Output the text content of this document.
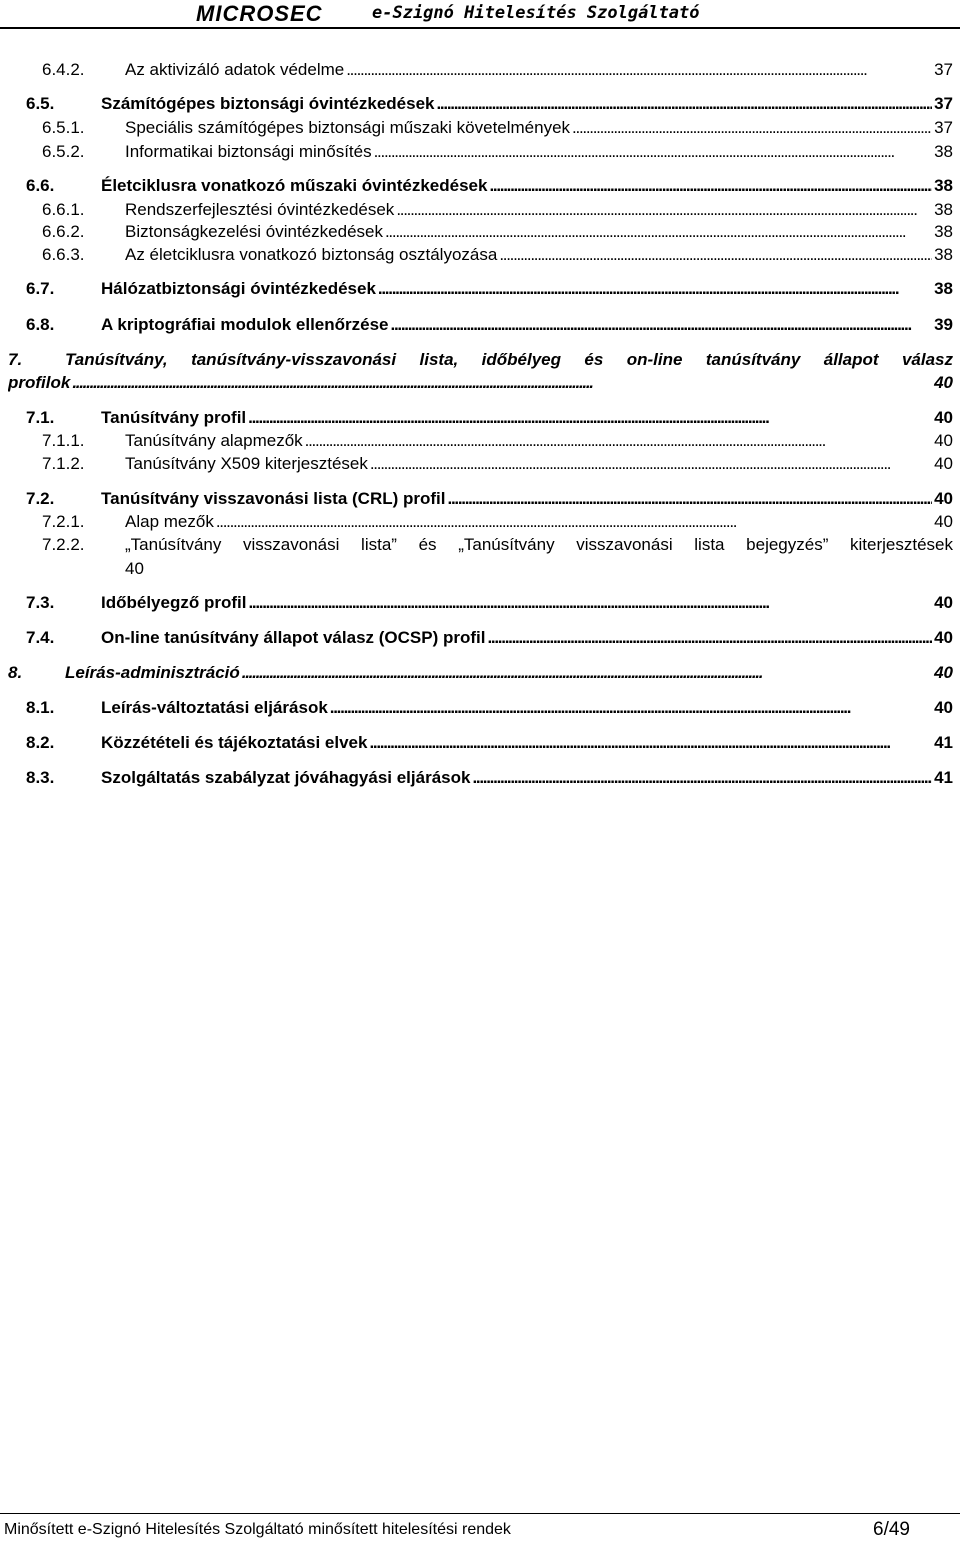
MICROSEC	e-Szignó Hitelesítés Szolgáltató
6.4.2. Az aktivizáló adatok védelme . . .	37
6.5.	Számítógépes biztonsági óvintézkedések . . .	37
6.5.1. Speciális számítógépes biztonsági műszaki követelmények . . .	37
6.5.2. Informatikai biztonsági minősítés . . .	38
6.6.	Életciklusra vonatkozó műszaki óvintézkedések . . .	38
6.6.1. Rendszerfejlesztési óvintézkedések . . .	38
6.6.2. Biztonságkezelési óvintézkedések . . .	38
6.6.3. Az életciklusra vonatkozó biztonság osztályozása . . .	38
6.7.	Hálózatbiztonsági óvintézkedések . . .	38
6.8.	A kriptográfiai modulok ellenőrzése . . .	39
7.	Tanúsítvány, tanúsítvány-visszavonási lista, időbélyeg és on-line tanúsítvány állapot válasz
profilok . . .	40
7.1.	Tanúsítvány profil . . .	40
7.1.1. Tanúsítvány alapmezők . . .	40
7.1.2. Tanúsítvány X509 kiterjesztések . . .	40
7.2.	Tanúsítvány visszavonási lista (CRL) profil . . .	40
7.2.1. Alap mezők . . .	40
7.2.2. „Tanúsítvány visszavonási lista” és „Tanúsítvány visszavonási lista bejegyzés” kiterjesztések
40
7.3.	Időbélyegző profil . . .	40
7.4.	On-line tanúsítvány állapot válasz (OCSP) profil . . .	40
8.	Leírás-adminisztráció . . .	40
8.1.	Leírás-változtatási eljárások . . .	40
8.2.	Közzétételi és tájékoztatási elvek . . .	41
8.3.	Szolgáltatás szabályzat jóváhagyási eljárások . . .	41
Minősített e-Szignó Hitelesítés Szolgáltató minősített hitelesítési rendek	6/49
